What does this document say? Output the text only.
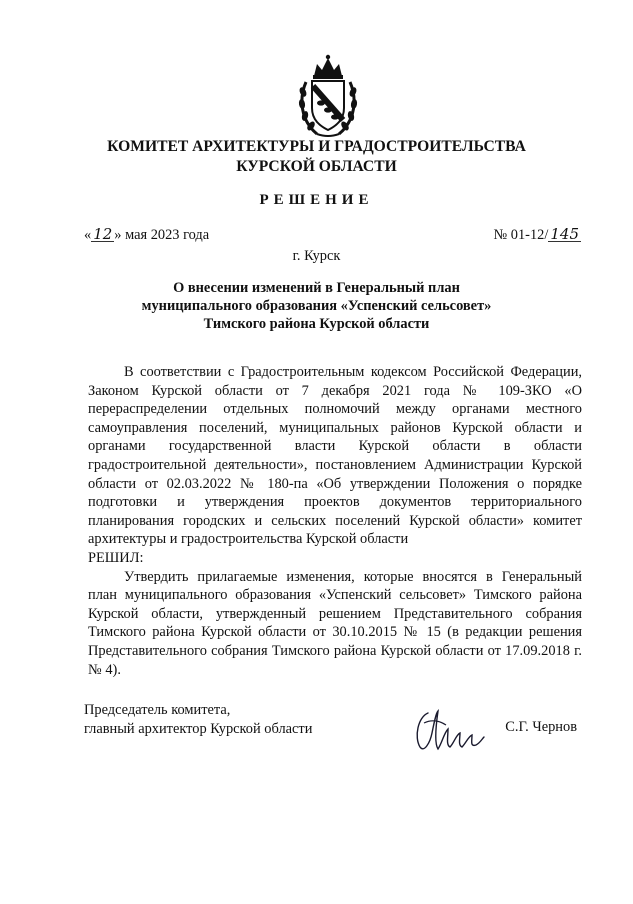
КОМИТЕТ АРХИТЕКТУРЫ И ГРАДОСТРОИТЕЛЬСТВА
КУРСКОЙ ОБЛАСТИ
РЕШЕНИЕ
« 12 » мая 2023 года	№ 01-12/ 145
г. Курск
О внесении изменений в Генеральный план
муниципального образования «Успенский сельсовет»
Тимского района Курской области

В соответствии с Градостроительным кодексом Российской Федерации, Законом Курской области от 7 декабря 2021 года № 109-ЗКО «О перераспределении отдельных полномочий между органами местного самоуправления поселений, муниципальных районов Курской области и органами государственной власти Курской области в области градостроительной деятельности», постановлением Администрации Курской области от 02.03.2022 № 180-па «Об утверждении Положения о порядке подготовки и утверждения проектов документов территориального планирования городских и сельских поселений Курской области» комитет архитектуры и градостроительства Курской области

РЕШИЛ:

Утвердить прилагаемые изменения, которые вносятся в Генеральный план муниципального образования «Успенский сельсовет» Тимского района Курской области, утвержденный решением Представительного собрания Тимского района Курской области от 30.10.2015 № 15 (в редакции решения Представительного собрания Тимского района Курской области от 17.09.2018 г. № 4).

Председатель комитета,
главный архитектор Курской области	С.Г. Чернов
